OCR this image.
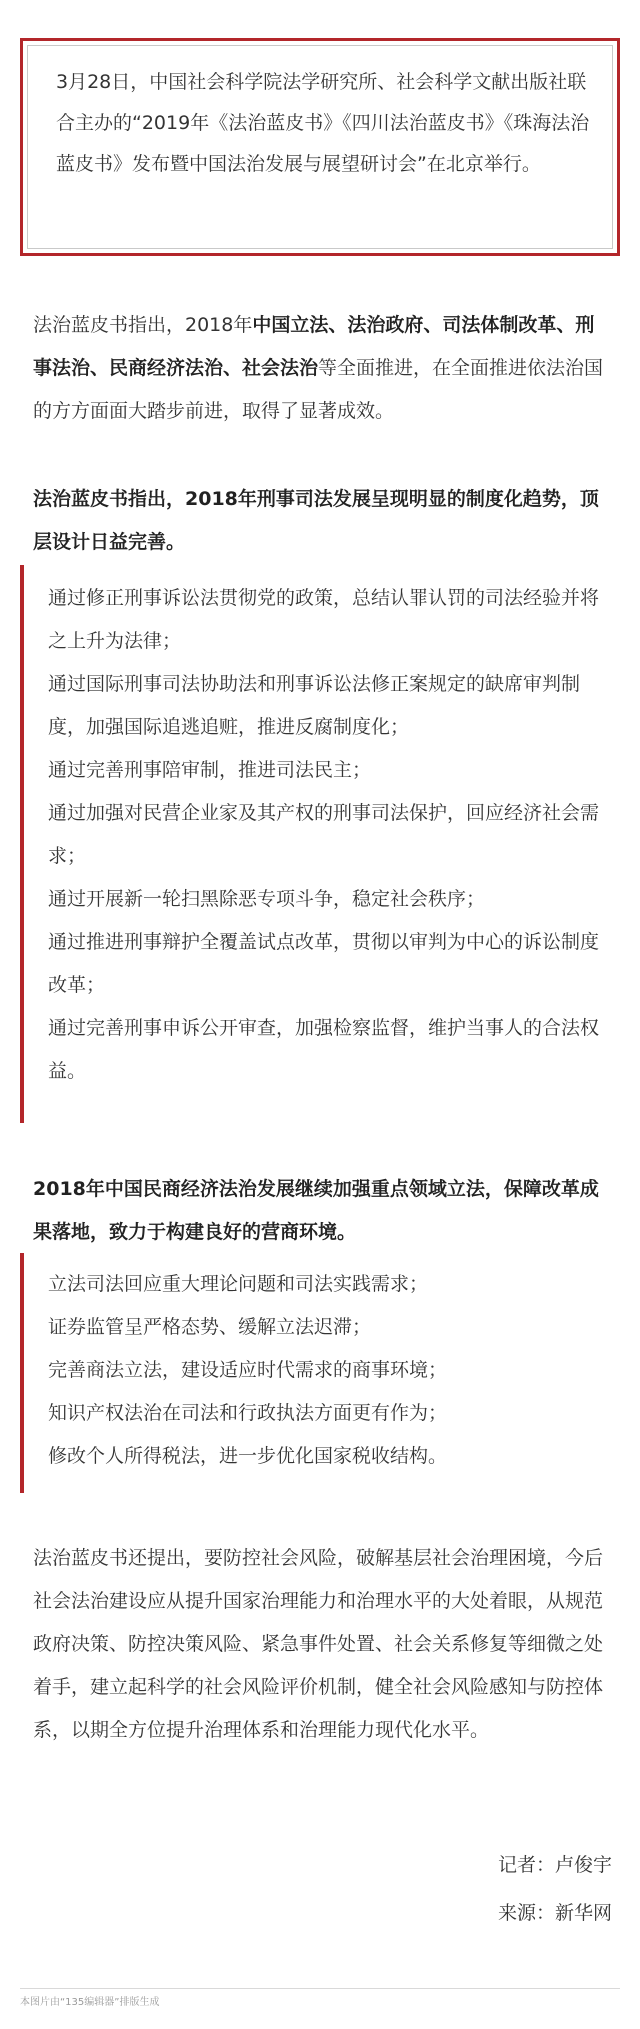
3月28日，中国社会科学院法学研究所、社会科学文献出版社联合主办的“2019年《法治蓝皮书》《四川法治蓝皮书》《珠海法治蓝皮书》发布暨中国法治发展与展望研讨会”在北京举行。
法治蓝皮书指出，2018年中国立法、法治政府、司法体制改革、刑事法治、民商经济法治、社会法治等全面推进，在全面推进依法治国的方方面面大踏步前进，取得了显著成效。
法治蓝皮书指出，2018年刑事司法发展呈现明显的制度化趋势，顶层设计日益完善。
通过修正刑事诉讼法贯彻党的政策，总结认罪认罚的司法经验并将之上升为法律；
通过国际刑事司法协助法和刑事诉讼法修正案规定的缺席审判制度，加强国际追逃追赃，推进反腐制度化；
通过完善刑事陪审制，推进司法民主；
通过加强对民营企业家及其产权的刑事司法保护，回应经济社会需求；
通过开展新一轮扫黑除恶专项斗争，稳定社会秩序；
通过推进刑事辩护全覆盖试点改革，贯彻以审判为中心的诉讼制度改革；
通过完善刑事申诉公开审查，加强检察监督，维护当事人的合法权益。
2018年中国民商经济法治发展继续加强重点领域立法，保障改革成果落地，致力于构建良好的营商环境。
立法司法回应重大理论问题和司法实践需求；
证券监管呈严格态势、缓解立法迟滞；
完善商法立法，建设适应时代需求的商事环境；
知识产权法治在司法和行政执法方面更有作为；
修改个人所得税法，进一步优化国家税收结构。
法治蓝皮书还提出，要防控社会风险，破解基层社会治理困境，今后社会法治建设应从提升国家治理能力和治理水平的大处着眼，从规范政府决策、防控决策风险、紧急事件处置、社会关系修复等细微之处着手，建立起科学的社会风险评价机制，健全社会风险感知与防控体系，以期全方位提升治理体系和治理能力现代化水平。
记者：卢俊宇
来源：新华网
本图片由“135编辑器”排版生成
